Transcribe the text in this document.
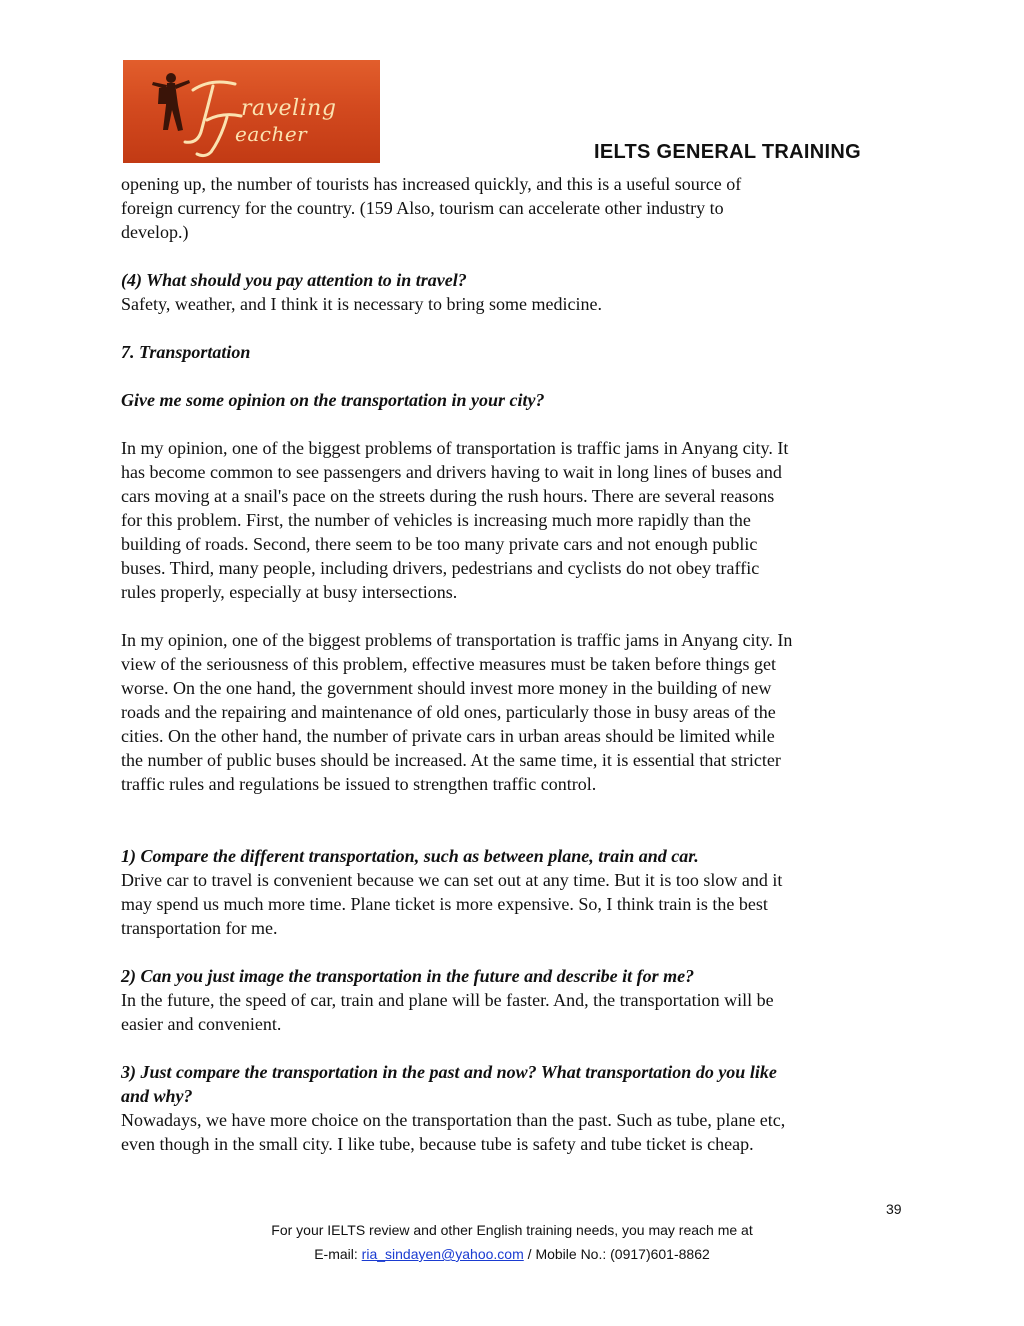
raveling
eacher
IELTS GENERAL TRAINING

opening up, the number of tourists has increased quickly, and this is a useful source of

foreign currency for the country. (159 Also, tourism can accelerate other industry to

develop.)

(4) What should you pay attention to in travel?

Safety, weather, and I think it is necessary to bring some medicine.

7. Transportation

Give me some opinion on the transportation in your city?

In my opinion, one of the biggest problems of transportation is traffic jams in Anyang city. It

has become common to see passengers and drivers having to wait in long lines of buses and

cars moving at a snail's pace on the streets during the rush hours. There are several reasons

for this problem. First, the number of vehicles is increasing much more rapidly than the

building of roads. Second, there seem to be too many private cars and not enough public

buses. Third, many people, including drivers, pedestrians and cyclists do not obey traffic

rules properly, especially at busy intersections.

In my opinion, one of the biggest problems of transportation is traffic jams in Anyang city. In

view of the seriousness of this problem, effective measures must be taken before things get

worse. On the one hand, the government should invest more money in the building of new

roads and the repairing and maintenance of old ones, particularly those in busy areas of the

cities. On the other hand, the number of private cars in urban areas should be limited while

the number of public buses should be increased. At the same time, it is essential that stricter

traffic rules and regulations be issued to strengthen traffic control.

1) Compare the different transportation, such as between plane, train and car.

Drive car to travel is convenient because we can set out at any time. But it is too slow and it

may spend us much more time. Plane ticket is more expensive. So, I think train is the best

transportation for me.

2) Can you just image the transportation in the future and describe it for me?

In the future, the speed of car, train and plane will be faster. And, the transportation will be

easier and convenient.

3) Just compare the transportation in the past and now? What transportation do you like

and why?

Nowadays, we have more choice on the transportation than the past. Such as tube, plane etc,

even though in the small city. I like tube, because tube is safety and tube ticket is cheap.

39
For your IELTS review and other English training needs, you may reach me at
E-mail: ria_sindayen@yahoo.com / Mobile No.: (0917)601-8862
